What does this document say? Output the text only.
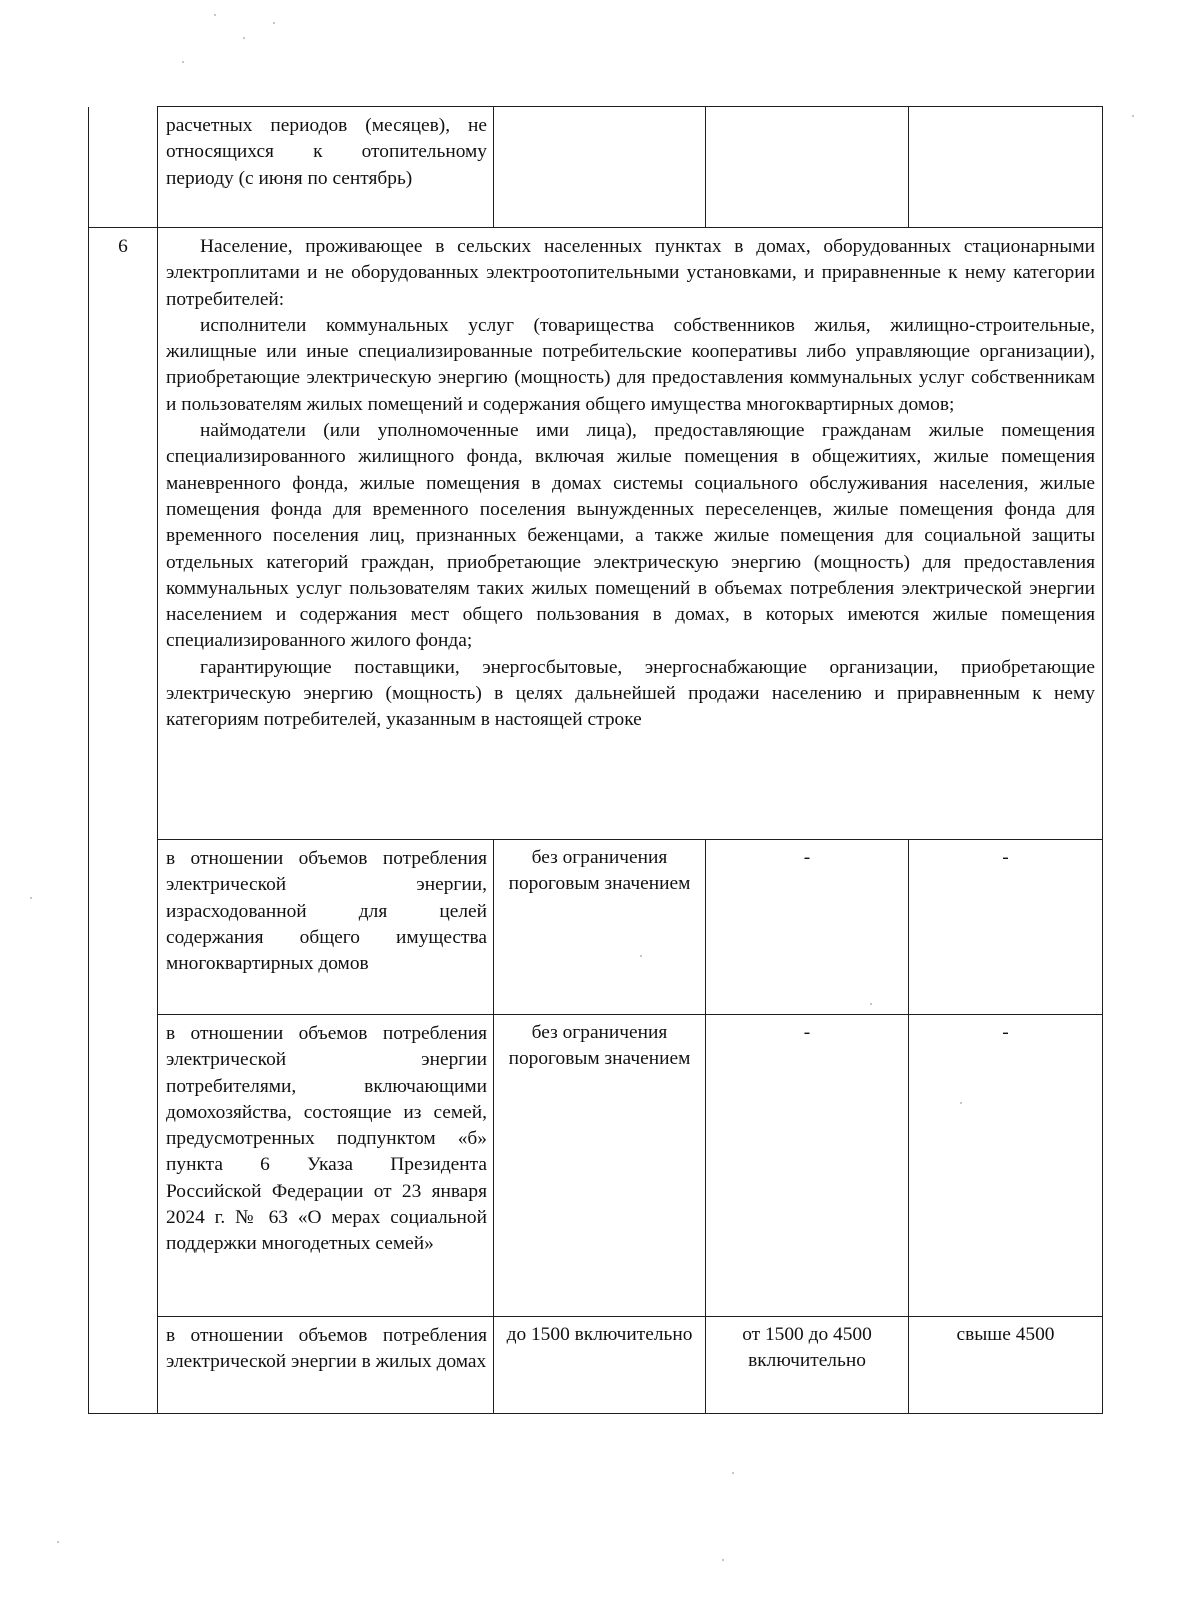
	расчетных периодов (месяцев), не относящихся к отопительному периоду (с июня по сентябрь)			

6	Население, проживающее в сельских населенных пунктах в домах, оборудованных стационарными электроплитами и не оборудованных электроотопительными установками, и приравненные к нему категории потребителей:

исполнители коммунальных услуг (товарищества собственников жилья, жилищно-строительные, жилищные или иные специализированные потребительские кооперативы либо управляющие организации), приобретающие электрическую энергию (мощность) для предоставления коммунальных услуг собственникам и пользователям жилых помещений и содержания общего имущества многоквартирных домов;

наймодатели (или уполномоченные ими лица), предоставляющие гражданам жилые помещения специализированного жилищного фонда, включая жилые помещения в общежитиях, жилые помещения маневренного фонда, жилые помещения в домах системы социального обслуживания населения, жилые помещения фонда для временного поселения вынужденных переселенцев, жилые помещения фонда для временного поселения лиц, признанных беженцами, а также жилые помещения для социальной защиты отдельных категорий граждан, приобретающие электрическую энергию (мощность) для предоставления коммунальных услуг пользователям таких жилых помещений в объемах потребления электрической энергии населением и содержания мест общего пользования в домах, в которых имеются жилые помещения специализированного жилого фонда;

гарантирующие поставщики, энергосбытовые, энергоснабжающие организации, приобретающие электрическую энергию (мощность) в целях дальнейшей продажи населению и приравненным к нему категориям потребителей, указанным в настоящей строке			

	в отношении объемов потребления электрической энергии, израсходованной для целей содержания общего имущества многоквартирных домов	без ограничения пороговым значением	-	-

	в отношении объемов потребления электрической энергии потребителями, включающими домохозяйства, состоящие из семей, предусмотренных подпунктом «б» пункта 6 Указа Президента Российской Федерации от 23 января 2024 г. № 63 «О мерах социальной поддержки многодетных семей»	без ограничения пороговым значением	-	-

	в отношении объемов потребления электрической энергии в жилых домах	до 1500 включительно	от 1500 до 4500 включительно	свыше 4500
